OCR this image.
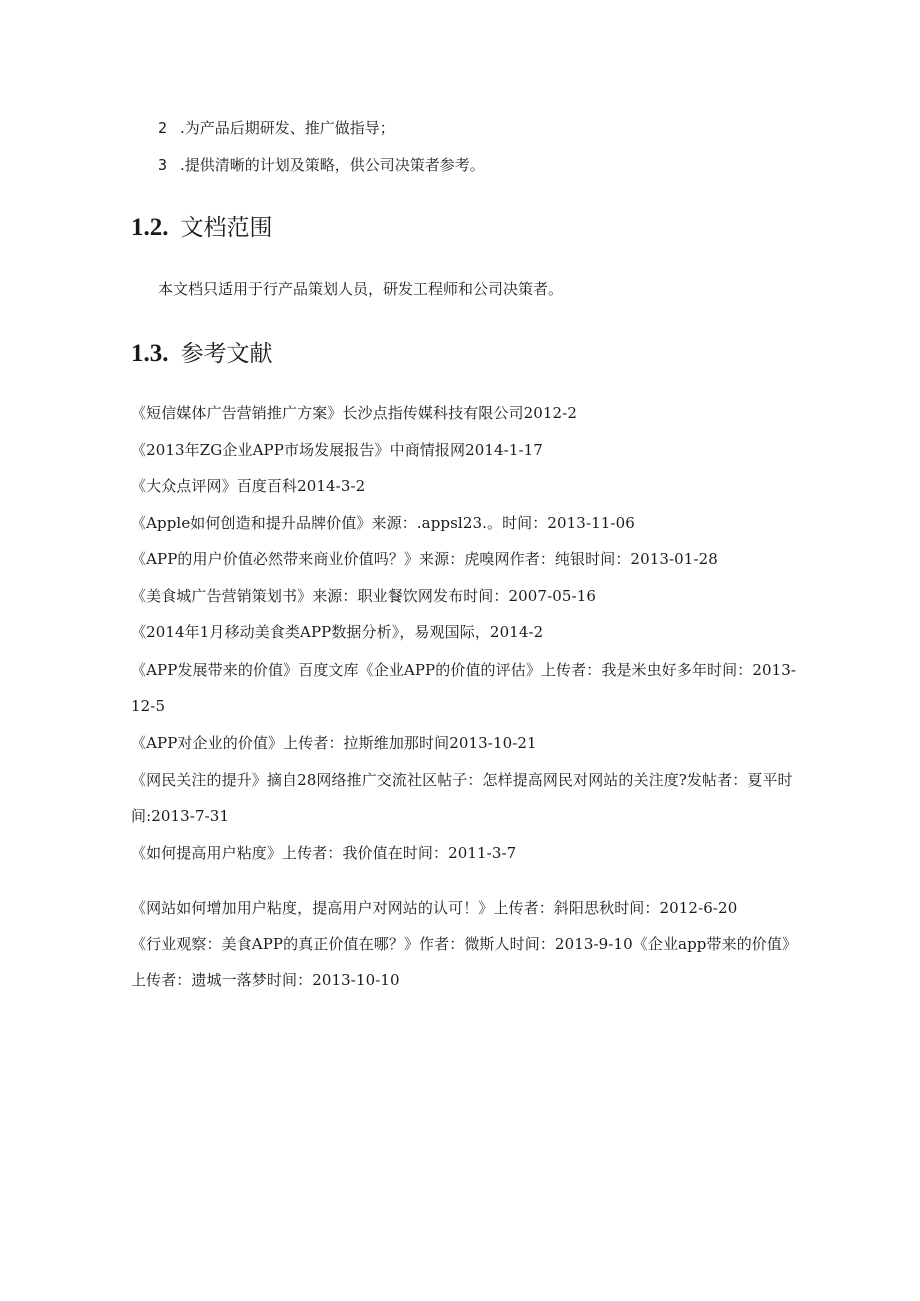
2 .为产品后期研发、推广做指导；
3 .提供清晰的计划及策略，供公司决策者参考。
1.2. 文档范围
本文档只适用于行产品策划人员，研发工程师和公司决策者。
1.3. 参考文献
《短信媒体广告营销推广方案》长沙点指传媒科技有限公司2012-2
《2013年ZG企业APP市场发展报告》中商情报网2014-1-17
《大众点评网》百度百科2014-3-2
《Apple如何创造和提升品牌价值》来源：.appsl23.。时间：2013-11-06
《APP的用户价值必然带来商业价值吗？》来源：虎嗅网作者：纯银时间：2013-01-28
《美食城广告营销策划书》来源：职业餐饮网发布时间：2007-05-16
《2014年1月移动美食类APP数据分析》，易观国际，2014-2
《APP发展带来的价值》百度文库《企业APP的价值的评估》上传者：我是米虫好多年时间：2013-
12-5
《APP对企业的价值》上传者：拉斯维加那时间2013-10-21
《网民关注的提升》摘自28网络推广交流社区帖子：怎样提高网民对网站的关注度?发帖者：夏平时
间:2013-7-31
《如何提高用户粘度》上传者：我价值在时间：2011-3-7
《网站如何增加用户粘度，提高用户对网站的认可！》上传者：斜阳思秋时间：2012-6-20
《行业观察：美食APP的真正价值在哪？》作者：微斯人时间：2013-9-10《企业app带来的价值》
上传者：遗城一落梦时间：2013-10-10
